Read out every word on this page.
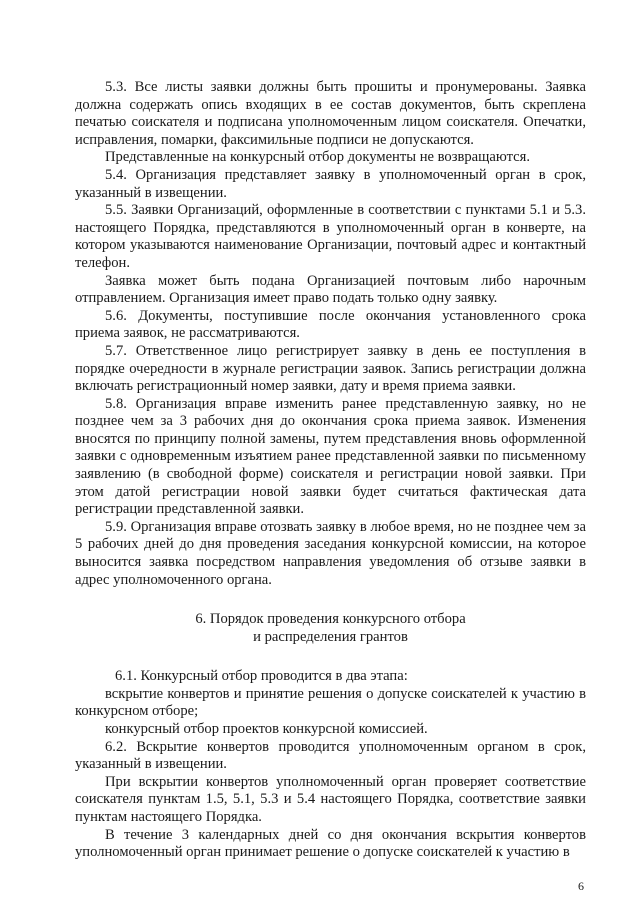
5.3. Все листы заявки должны быть прошиты и пронумерованы. Заявка должна содержать опись входящих в ее состав документов, быть скреплена печатью соискателя и подписана уполномоченным лицом соискателя. Опечатки, исправления, помарки, факсимильные подписи не допускаются.

Представленные на конкурсный отбор документы не возвращаются.

5.4. Организация представляет заявку в уполномоченный орган в срок, указанный в извещении.

5.5. Заявки Организаций, оформленные в соответствии с пунктами 5.1 и 5.3. настоящего Порядка, представляются в уполномоченный орган в конверте, на котором указываются наименование Организации, почтовый адрес и контактный телефон.

Заявка может быть подана Организацией почтовым либо нарочным отправлением. Организация имеет право подать только одну заявку.

5.6. Документы, поступившие после окончания установленного срока приема заявок, не рассматриваются.

5.7. Ответственное лицо регистрирует заявку в день ее поступления в порядке очередности в журнале регистрации заявок. Запись регистрации должна включать регистрационный номер заявки, дату и время приема заявки.

5.8. Организация вправе изменить ранее представленную заявку, но не позднее чем за 3 рабочих дня до окончания срока приема заявок. Изменения вносятся по принципу полной замены, путем представления вновь оформленной заявки с одновременным изъятием ранее представленной заявки по письменному заявлению (в свободной форме) соискателя и регистрации новой заявки. При этом датой регистрации новой заявки будет считаться фактическая дата регистрации представленной заявки.

5.9. Организация вправе отозвать заявку в любое время, но не позднее чем за 5 рабочих дней до дня проведения заседания конкурсной комиссии, на которое выносится заявка посредством направления уведомления об отзыве заявки в адрес уполномоченного органа.

6. Порядок проведения конкурсного отбора
и распределения грантов

6.1. Конкурсный отбор проводится в два этапа:

вскрытие конвертов и принятие решения о допуске соискателей к участию в конкурсном отборе;

конкурсный отбор проектов конкурсной комиссией.

6.2. Вскрытие конвертов проводится уполномоченным органом в срок, указанный в извещении.

При вскрытии конвертов уполномоченный орган проверяет соответствие соискателя пунктам 1.5, 5.1, 5.3 и 5.4 настоящего Порядка, соответствие заявки пунктам настоящего Порядка.

В течение 3 календарных дней со дня окончания вскрытия конвертов уполномоченный орган принимает решение о допуске соискателей к участию в

6
